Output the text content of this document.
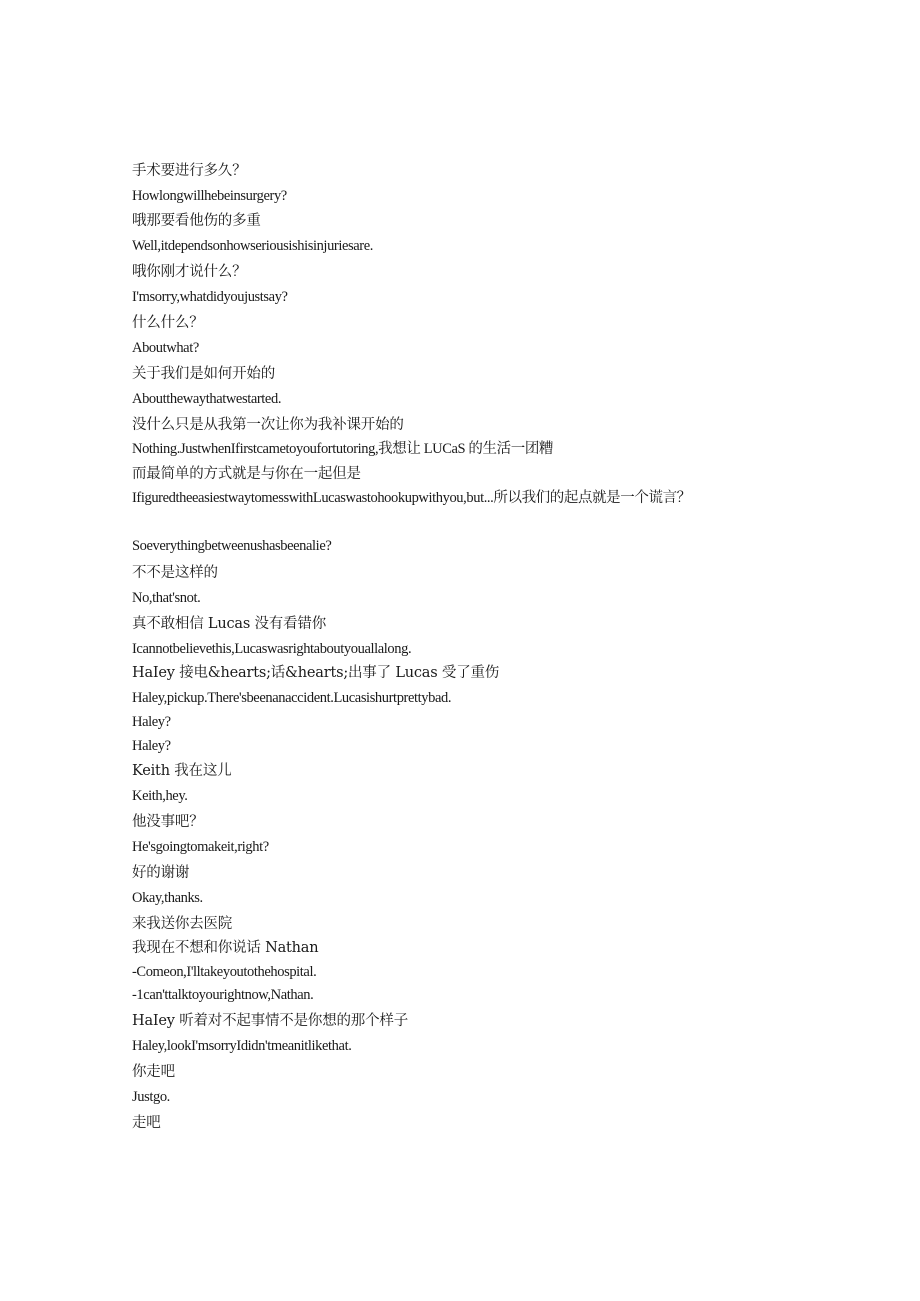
手术要进行多久？
Howlongwillhebeinsurgery?
哦那要看他伤的多重
Well,itdependsonhowseriousishisinjuriesare.
哦你刚才说什么？
I'msorry,whatdidyoujustsay?
什么什么？
Aboutwhat?
关于我们是如何开始的
Aboutthewaythatwestarted.
没什么只是从我第一次让你为我补课开始的
Nothing.JustwhenIfirstcametoyoufortutoring,我想让 LUCaS 的生活一团糟
而最简单的方式就是与你在一起但是
IfiguredtheeasiestwaytomesswithLucaswastohookupwithyou,but...所以我们的起点就是一个谎言？
Soeverythingbetweenushasbeenalie?
不不是这样的
No,that'snot.
真不敢相信 Lucas 没有看错你
Icannotbelievethis,Lucaswasrightaboutyouallalong.
HaIey 接电&hearts;话&hearts;出事了 Lucas 受了重伤
Haley,pickup.There'sbeenanaccident.Lucasishurtprettybad.
Haley?
Haley?
Keith 我在这儿
Keith,hey.
他没事吧？
He'sgoingtomakeit,right?
好的谢谢
Okay,thanks.
来我送你去医院
我现在不想和你说话 Nathan
-Comeon,I'lltakeyoutothehospital.
-1can'ttalktoyourightnow,Nathan.
HaIey 听着对不起事情不是你想的那个样子
Haley,lookI'msorryIdidn'tmeanitlikethat.
你走吧
Justgo.
走吧
